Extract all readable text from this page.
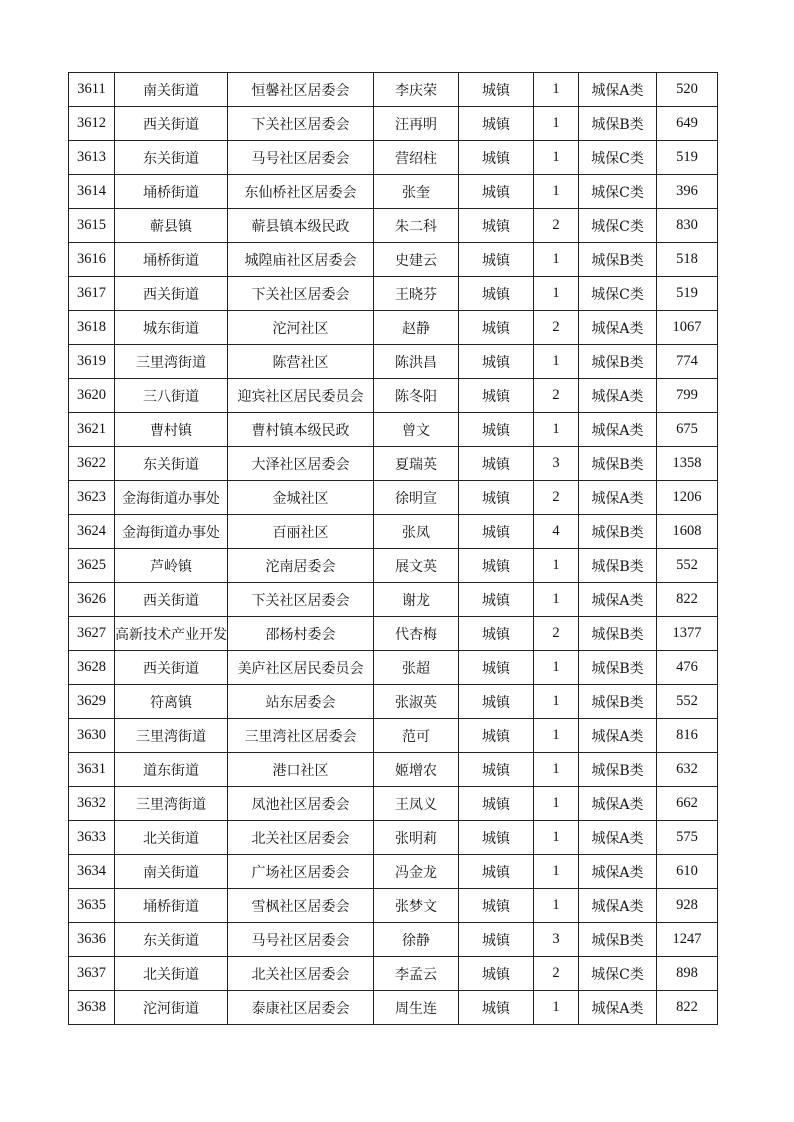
3611	南关街道	恒馨社区居委会	李庆荣	城镇	1	城保A类	520
3612	西关街道	下关社区居委会	汪再明	城镇	1	城保B类	649
3613	东关街道	马号社区居委会	营绍柱	城镇	1	城保C类	519
3614	埇桥街道	东仙桥社区居委会	张奎	城镇	1	城保C类	396
3615	蕲县镇	蕲县镇本级民政	朱二科	城镇	2	城保C类	830
3616	埇桥街道	城隍庙社区居委会	史建云	城镇	1	城保B类	518
3617	西关街道	下关社区居委会	王晓芬	城镇	1	城保C类	519
3618	城东街道	沱河社区	赵静	城镇	2	城保A类	1067
3619	三里湾街道	陈营社区	陈洪昌	城镇	1	城保B类	774
3620	三八街道	迎宾社区居民委员会	陈冬阳	城镇	2	城保A类	799
3621	曹村镇	曹村镇本级民政	曾文	城镇	1	城保A类	675
3622	东关街道	大泽社区居委会	夏瑞英	城镇	3	城保B类	1358
3623	金海街道办事处	金城社区	徐明宣	城镇	2	城保A类	1206
3624	金海街道办事处	百丽社区	张凤	城镇	4	城保B类	1608
3625	芦岭镇	沱南居委会	展文英	城镇	1	城保B类	552
3626	西关街道	下关社区居委会	谢龙	城镇	1	城保A类	822
3627	高新技术产业开发	邵杨村委会	代杏梅	城镇	2	城保B类	1377
3628	西关街道	美庐社区居民委员会	张超	城镇	1	城保B类	476
3629	符离镇	站东居委会	张淑英	城镇	1	城保B类	552
3630	三里湾街道	三里湾社区居委会	范可	城镇	1	城保A类	816
3631	道东街道	港口社区	姬增农	城镇	1	城保B类	632
3632	三里湾街道	凤池社区居委会	王凤义	城镇	1	城保A类	662
3633	北关街道	北关社区居委会	张明莉	城镇	1	城保A类	575
3634	南关街道	广场社区居委会	冯金龙	城镇	1	城保A类	610
3635	埇桥街道	雪枫社区居委会	张梦文	城镇	1	城保A类	928
3636	东关街道	马号社区居委会	徐静	城镇	3	城保B类	1247
3637	北关街道	北关社区居委会	李孟云	城镇	2	城保C类	898
3638	沱河街道	泰康社区居委会	周生连	城镇	1	城保A类	822
